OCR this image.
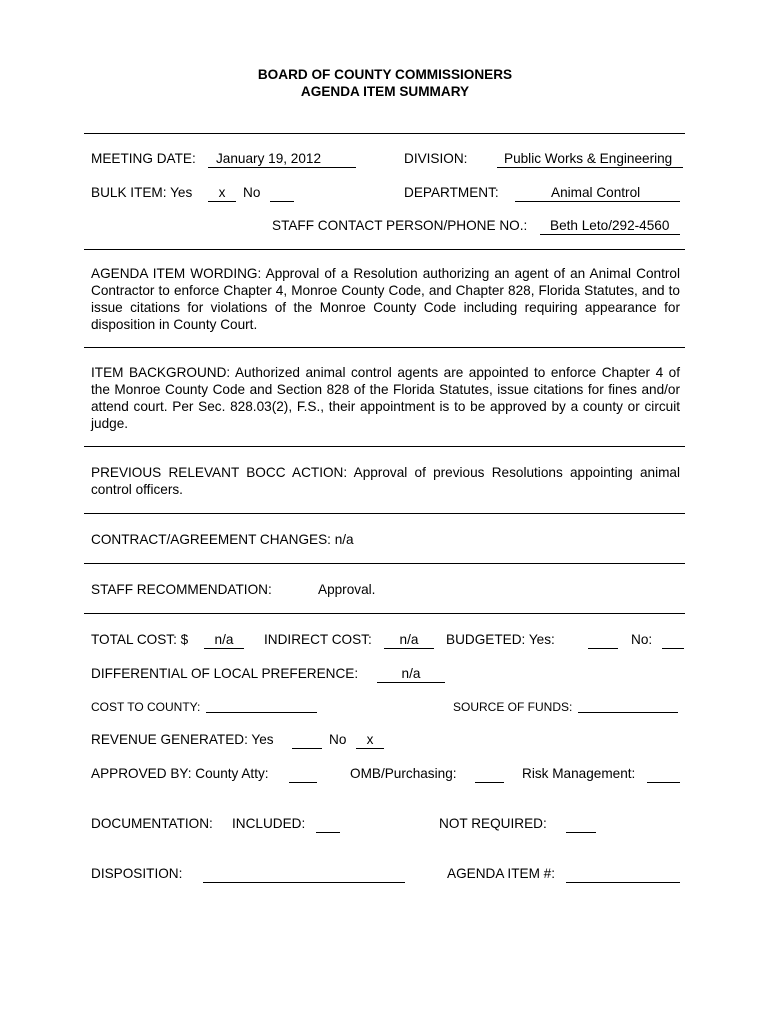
BOARD OF COUNTY COMMISSIONERS
AGENDA ITEM SUMMARY
MEETING DATE:	January 19, 2012	DIVISION:	Public Works & Engineering
BULK ITEM: Yes	x	No	DEPARTMENT:	Animal Control
STAFF CONTACT PERSON/PHONE NO.: Beth Leto/292-4560
AGENDA ITEM WORDING: Approval of a Resolution authorizing an agent of an Animal Control Contractor to enforce Chapter 4, Monroe County Code, and Chapter 828, Florida Statutes, and to issue citations for violations of the Monroe County Code including requiring appearance for disposition in County Court.
ITEM BACKGROUND: Authorized animal control agents are appointed to enforce Chapter 4 of the Monroe County Code and Section 828 of the Florida Statutes, issue citations for fines and/or attend court. Per Sec. 828.03(2), F.S., their appointment is to be approved by a county or circuit judge.
PREVIOUS RELEVANT BOCC ACTION: Approval of previous Resolutions appointing animal control officers.
CONTRACT/AGREEMENT CHANGES: n/a
STAFF RECOMMENDATION:	Approval.
TOTAL COST: $	n/a	INDIRECT COST:	n/a	BUDGETED: Yes:	No:
DIFFERENTIAL OF LOCAL PREFERENCE:	n/a
COST TO COUNTY:	SOURCE OF FUNDS:
REVENUE GENERATED: Yes	No	x
APPROVED BY: County Atty:	OMB/Purchasing:	Risk Management:
DOCUMENTATION: INCLUDED:	NOT REQUIRED:
DISPOSITION:	AGENDA ITEM #:
